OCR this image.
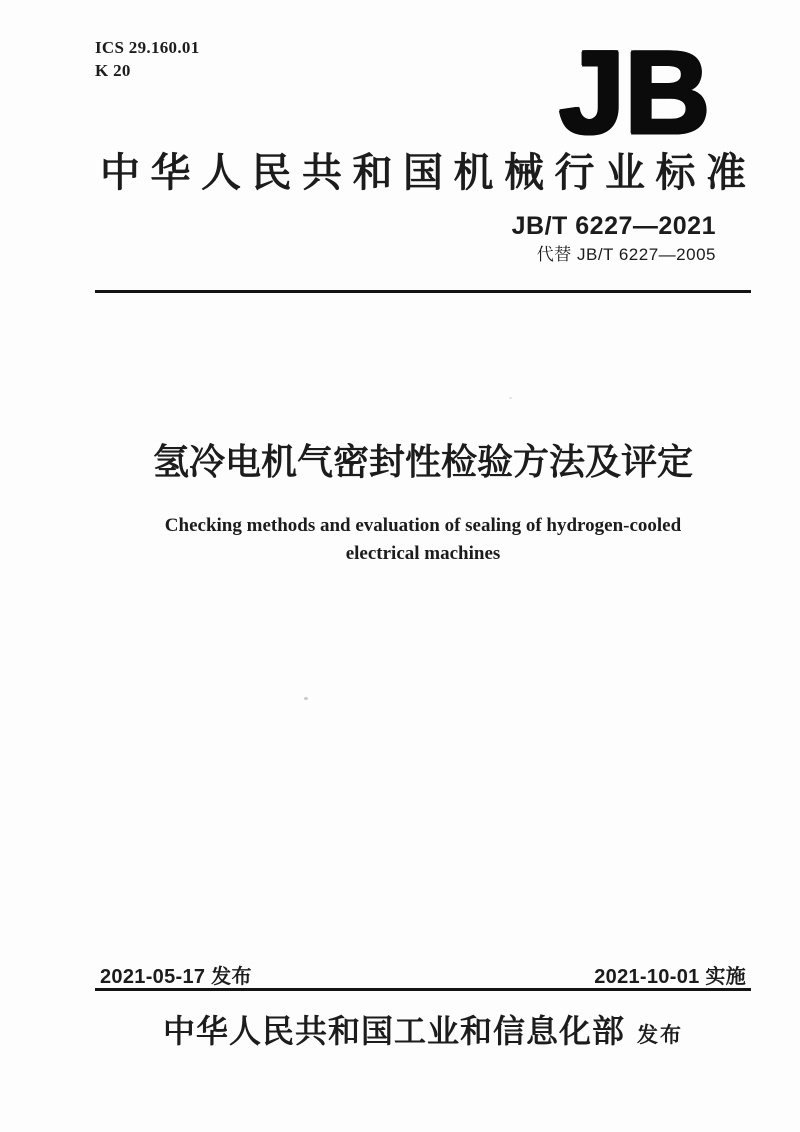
ICS 29.160.01
K 20	JB
中华人民共和国机械行业标准
JB/T 6227—2021
代替 JB/T 6227—2005
氢冷电机气密封性检验方法及评定
Checking methods and evaluation of sealing of hydrogen-cooled
electrical machines
2021-05-17 发布	2021-10-01 实施
中华人民共和国工业和信息化部 发布
